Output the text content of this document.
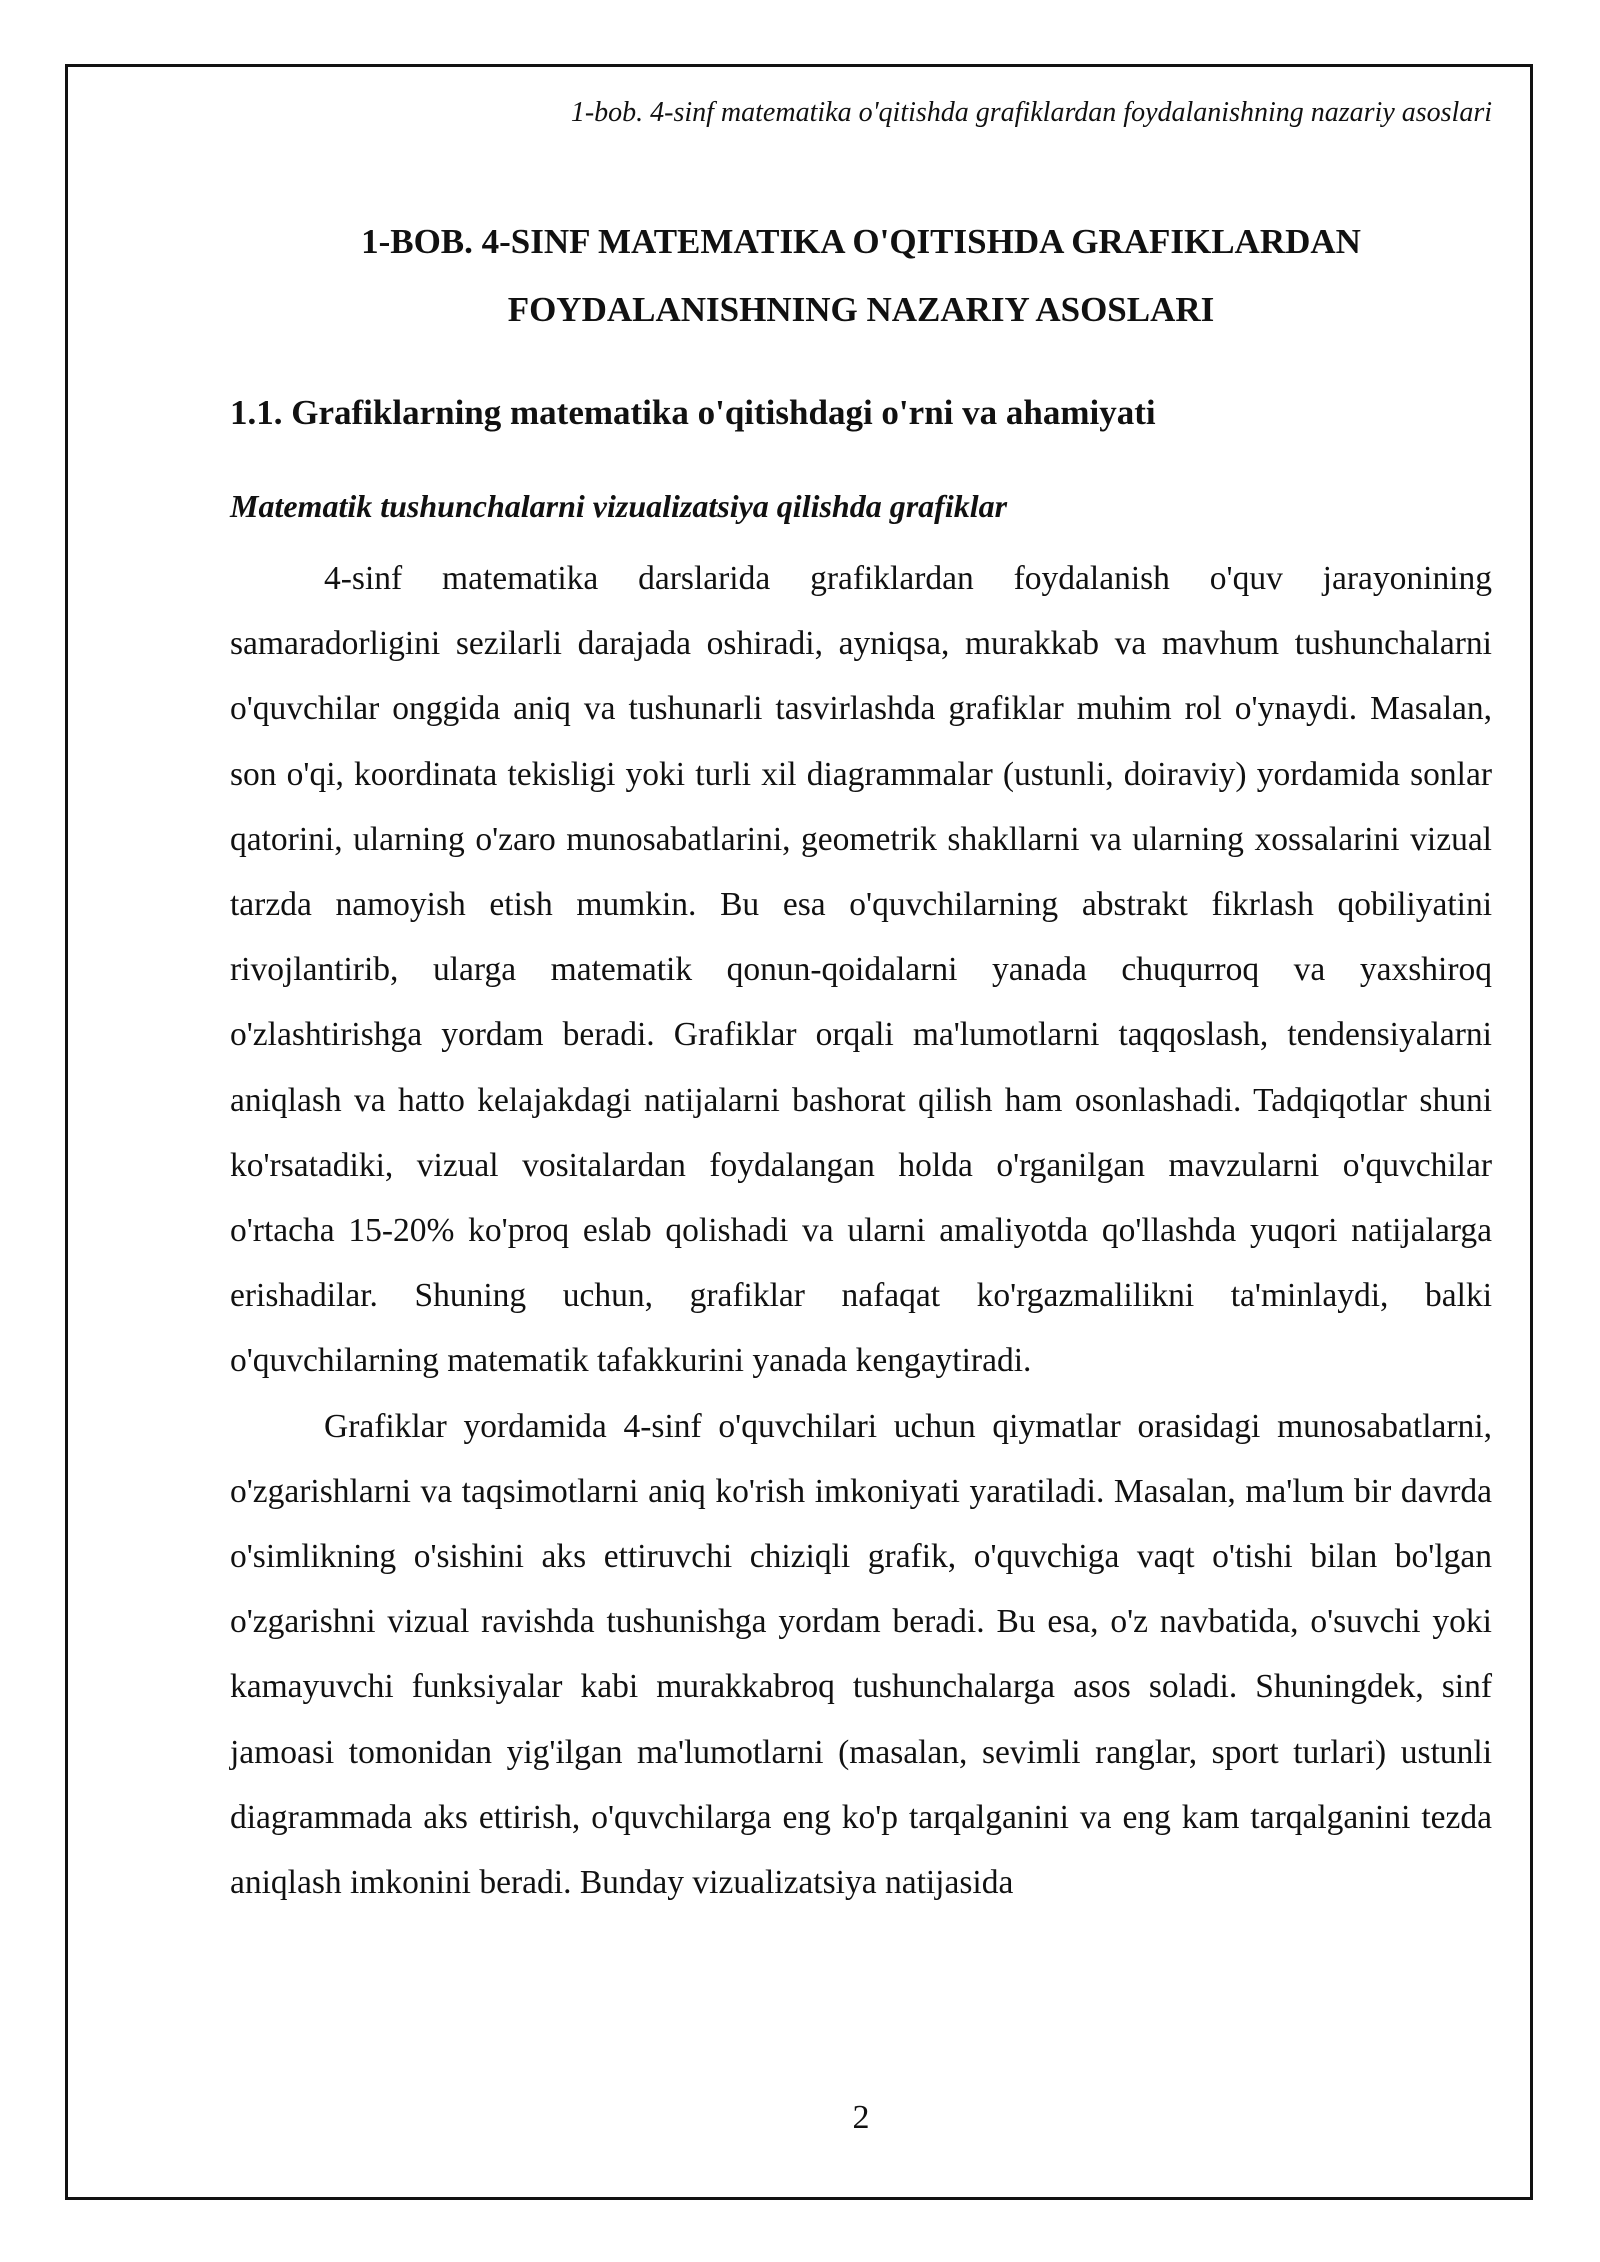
1-bob. 4-sinf matematika o'qitishda grafiklardan foydalanishning nazariy asoslari
1-BOB. 4-SINF MATEMATIKA O'QITISHDA GRAFIKLARDAN
FOYDALANISHNING NAZARIY ASOSLARI
1.1. Grafiklarning matematika o'qitishdagi o'rni va ahamiyati
Matematik tushunchalarni vizualizatsiya qilishda grafiklar

4-sinf matematika darslarida grafiklardan foydalanish o'quv jarayonining samaradorligini sezilarli darajada oshiradi, ayniqsa, murakkab va mavhum tushunchalarni o'quvchilar onggida aniq va tushunarli tasvirlashda grafiklar muhim rol o'ynaydi. Masalan, son o'qi, koordinata tekisligi yoki turli xil diagrammalar (ustunli, doiraviy) yordamida sonlar qatorini, ularning o'zaro munosabatlarini, geometrik shakllarni va ularning xossalarini vizual tarzda namoyish etish mumkin. Bu esa o'quvchilarning abstrakt fikrlash qobiliyatini rivojlantirib, ularga matematik qonun-qoidalarni yanada chuqurroq va yaxshiroq o'zlashtirishga yordam beradi. Grafiklar orqali ma'lumotlarni taqqoslash, tendensiyalarni aniqlash va hatto kelajakdagi natijalarni bashorat qilish ham osonlashadi. Tadqiqotlar shuni ko'rsatadiki, vizual vositalardan foydalangan holda o'rganilgan mavzularni o'quvchilar o'rtacha 15-20% ko'proq eslab qolishadi va ularni amaliyotda qo'llashda yuqori natijalarga erishadilar. Shuning uchun, grafiklar nafaqat ko'rgazmalilikni ta'minlaydi, balki o'quvchilarning matematik tafakkurini yanada kengaytiradi.

Grafiklar yordamida 4-sinf o'quvchilari uchun qiymatlar orasidagi munosabatlarni, o'zgarishlarni va taqsimotlarni aniq ko'rish imkoniyati yaratiladi. Masalan, ma'lum bir davrda o'simlikning o'sishini aks ettiruvchi chiziqli grafik, o'quvchiga vaqt o'tishi bilan bo'lgan o'zgarishni vizual ravishda tushunishga yordam beradi. Bu esa, o'z navbatida, o'suvchi yoki kamayuvchi funksiyalar kabi murakkabroq tushunchalarga asos soladi. Shuningdek, sinf jamoasi tomonidan yig'ilgan ma'lumotlarni (masalan, sevimli ranglar, sport turlari) ustunli diagrammada aks ettirish, o'quvchilarga eng ko'p tarqalganini va eng kam tarqalganini tezda aniqlash imkonini beradi. Bunday vizualizatsiya natijasida

2
